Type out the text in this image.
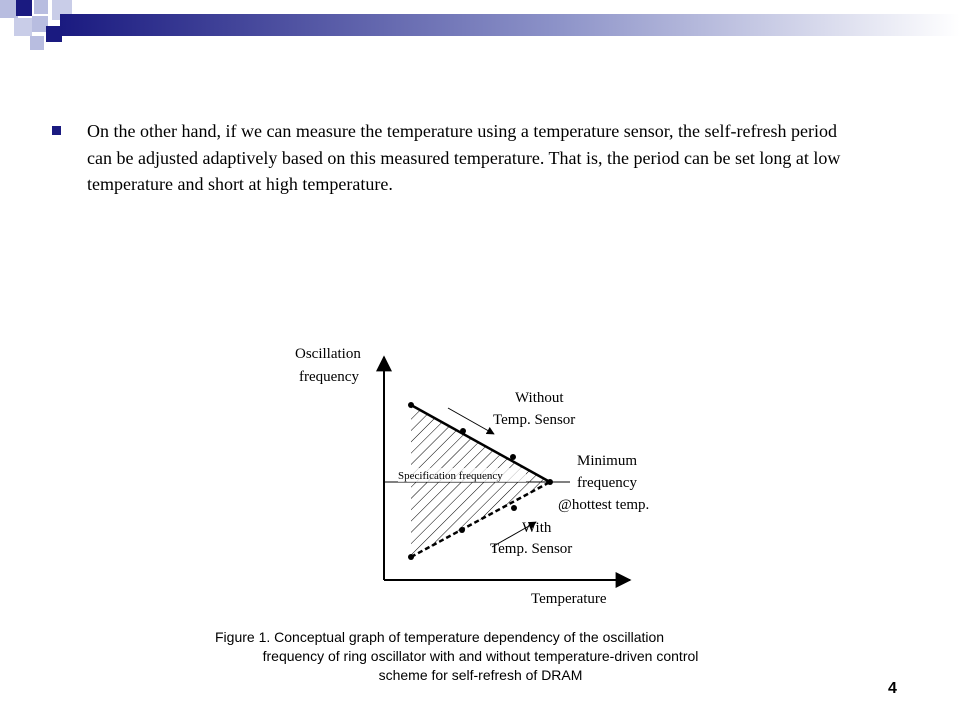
On the other hand, if we can measure the temperature using a temperature sensor, the self-refresh period can be adjusted adaptively based on this measured temperature. That is, the period can be set long at low temperature and short at high temperature.
Specification frequency
Oscillation
frequency
Temperature
Without
Temp. Sensor
Minimum
frequency
@hottest temp.
With
Temp. Sensor
Figure 1. Conceptual graph of temperature dependency of the oscillation
frequency of ring oscillator with and without temperature-driven control
scheme for self-refresh of DRAM
4
